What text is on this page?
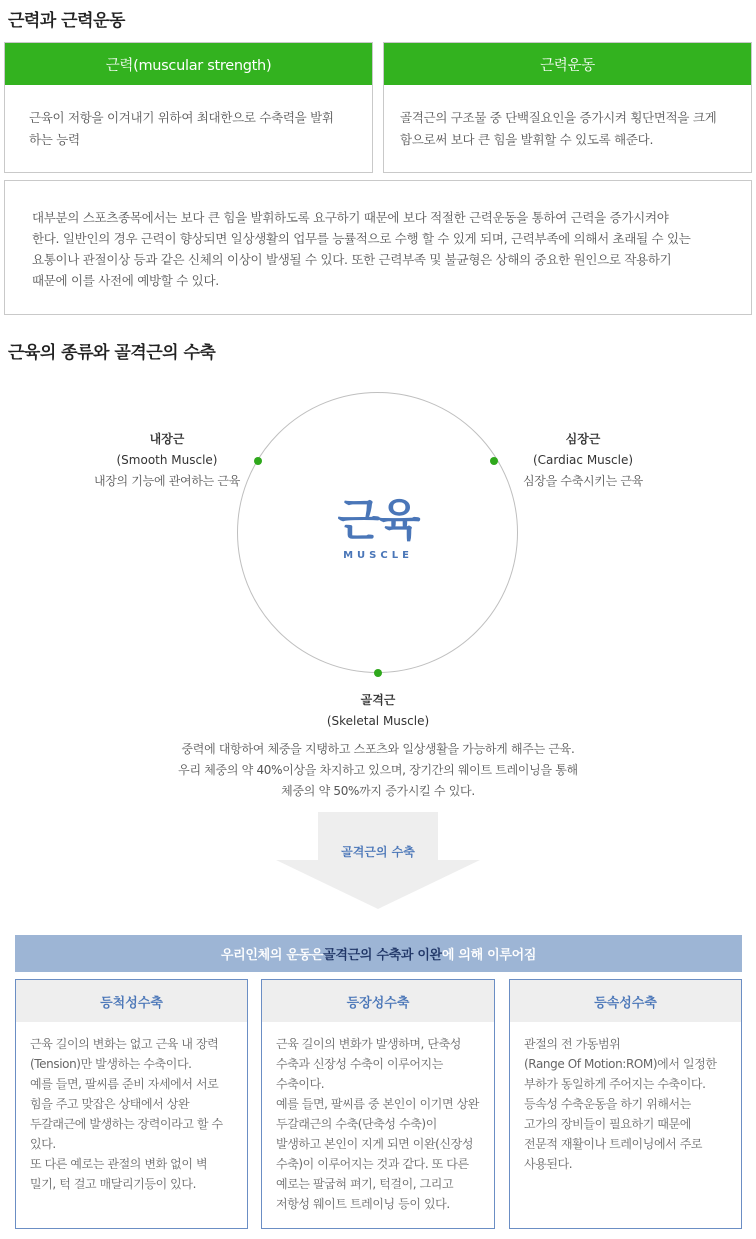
근력과 근력운동
근력(muscular strength)
근육이 저항을 이겨내기 위하여 최대한으로 수축력을 발휘
하는 능력
근력운동
골격근의 구조물 중 단백질요인을 증가시켜 횡단면적을 크게
함으로써 보다 큰 힘을 발휘할 수 있도록 해준다.
대부분의 스포츠종목에서는 보다 큰 힘을 발휘하도록 요구하기 때문에 보다 적절한 근력운동을 통하여 근력을 증가시켜야
한다. 일반인의 경우 근력이 향상되면 일상생활의 업무를 능률적으로 수행 할 수 있게 되며, 근력부족에 의해서 초래될 수 있는
요통이나 관절이상 등과 같은 신체의 이상이 발생될 수 있다. 또한 근력부족 및 불균형은 상해의 중요한 원인으로 작용하기
때문에 이를 사전에 예방할 수 있다.
근육의 종류와 골격근의 수축
근육
MUSCLE
내장근
(Smooth Muscle)
내장의 기능에 관여하는 근육
심장근
(Cardiac Muscle)
심장을 수축시키는 근육
골격근
(Skeletal Muscle)
중력에 대항하여 체중을 지탱하고 스포츠와 일상생활을 가능하게 해주는 근육.
우리 체중의 약 40%이상을 차지하고 있으며, 장기간의 웨이트 트레이닝을 통해
체중의 약 50%까지 증가시킬 수 있다.
골격근의 수축
우리인체의 운동은 골격근의 수축과 이완 에 의해 이루어짐
등척성수축
근육 길이의 변화는 없고 근육 내 장력
(Tension)만 발생하는 수축이다.
예를 들면, 팔씨름 준비 자세에서 서로
힘을 주고 맞잡은 상태에서 상완
두갈래근에 발생하는 장력이라고 할 수
있다.
또 다른 예로는 관절의 변화 없이 벽
밀기, 턱 걸고 매달리기등이 있다.
등장성수축
근육 길이의 변화가 발생하며, 단축성
수축과 신장성 수축이 이루어지는
수축이다.
예를 들면, 팔씨름 중 본인이 이기면 상완
두갈래근의 수축(단축성 수축)이
발생하고 본인이 지게 되면 이완(신장성
수축)이 이루어지는 것과 같다. 또 다른
예로는 팔굽혀 펴기, 턱걸이, 그리고
저항성 웨이트 트레이닝 등이 있다.
등속성수축
관절의 전 가동범위
(Range Of Motion:ROM)에서 일정한
부하가 동일하게 주어지는 수축이다.
등속성 수축운동을 하기 위해서는
고가의 장비들이 필요하기 때문에
전문적 재활이나 트레이닝에서 주로
사용된다.
